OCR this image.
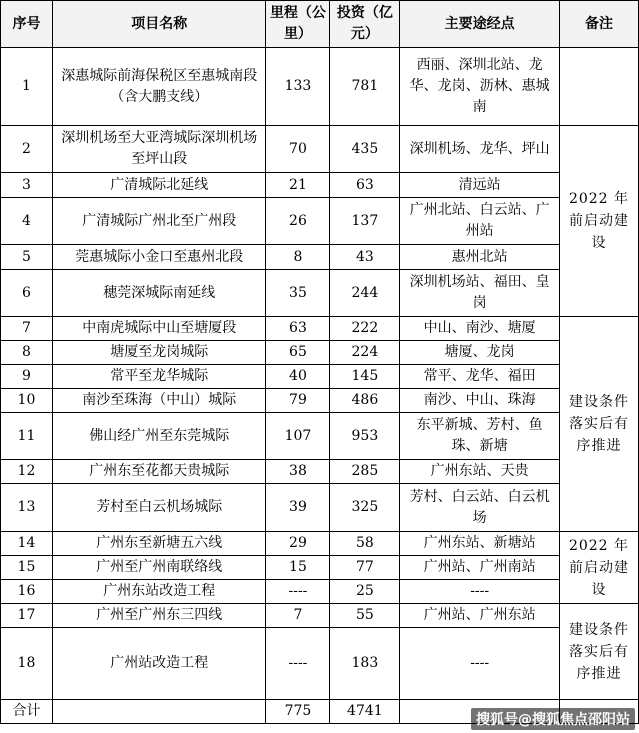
序号	项目名称	里程（公里）	投资（亿元）	主要途经点	备注
1	深惠城际前海保税区至惠城南段（含大鹏支线）	133	781	西丽、深圳北站、龙华、龙岗、沥林、惠城南	
2	深圳机场至大亚湾城际深圳机场至坪山段	70	435	深圳机场、龙华、坪山	2022 年前启动建设
3	广清城际北延线	21	63	清远站	
4	广清城际广州北至广州段	26	137	广州北站、白云站、广州站	
5	莞惠城际小金口至惠州北段	8	43	惠州北站	
6	穗莞深城际南延线	35	244	深圳机场站、福田、皇岗	
7	中南虎城际中山至塘厦段	63	222	中山、南沙、塘厦	建设条件落实后有序推进
8	塘厦至龙岗城际	65	224	塘厦、龙岗	
9	常平至龙华城际	40	145	常平、龙华、福田	
10	南沙至珠海（中山）城际	79	486	南沙、中山、珠海	
11	佛山经广州至东莞城际	107	953	东平新城、芳村、鱼珠、新塘	
12	广州东至花都天贵城际	38	285	广州东站、天贵	
13	芳村至白云机场城际	39	325	芳村、白云站、白云机场	
14	广州东至新塘五六线	29	58	广州东站、新塘站	2022 年前启动建设
15	广州至广州南联络线	15	77	广州站、广州南站	
16	广州东站改造工程	----	25	----	
17	广州至广州东三四线	7	55	广州站、广州东站	建设条件落实后有序推进
18	广州站改造工程	----	183	----	
合计		775	4741		
搜狐号@搜狐焦点邵阳站
